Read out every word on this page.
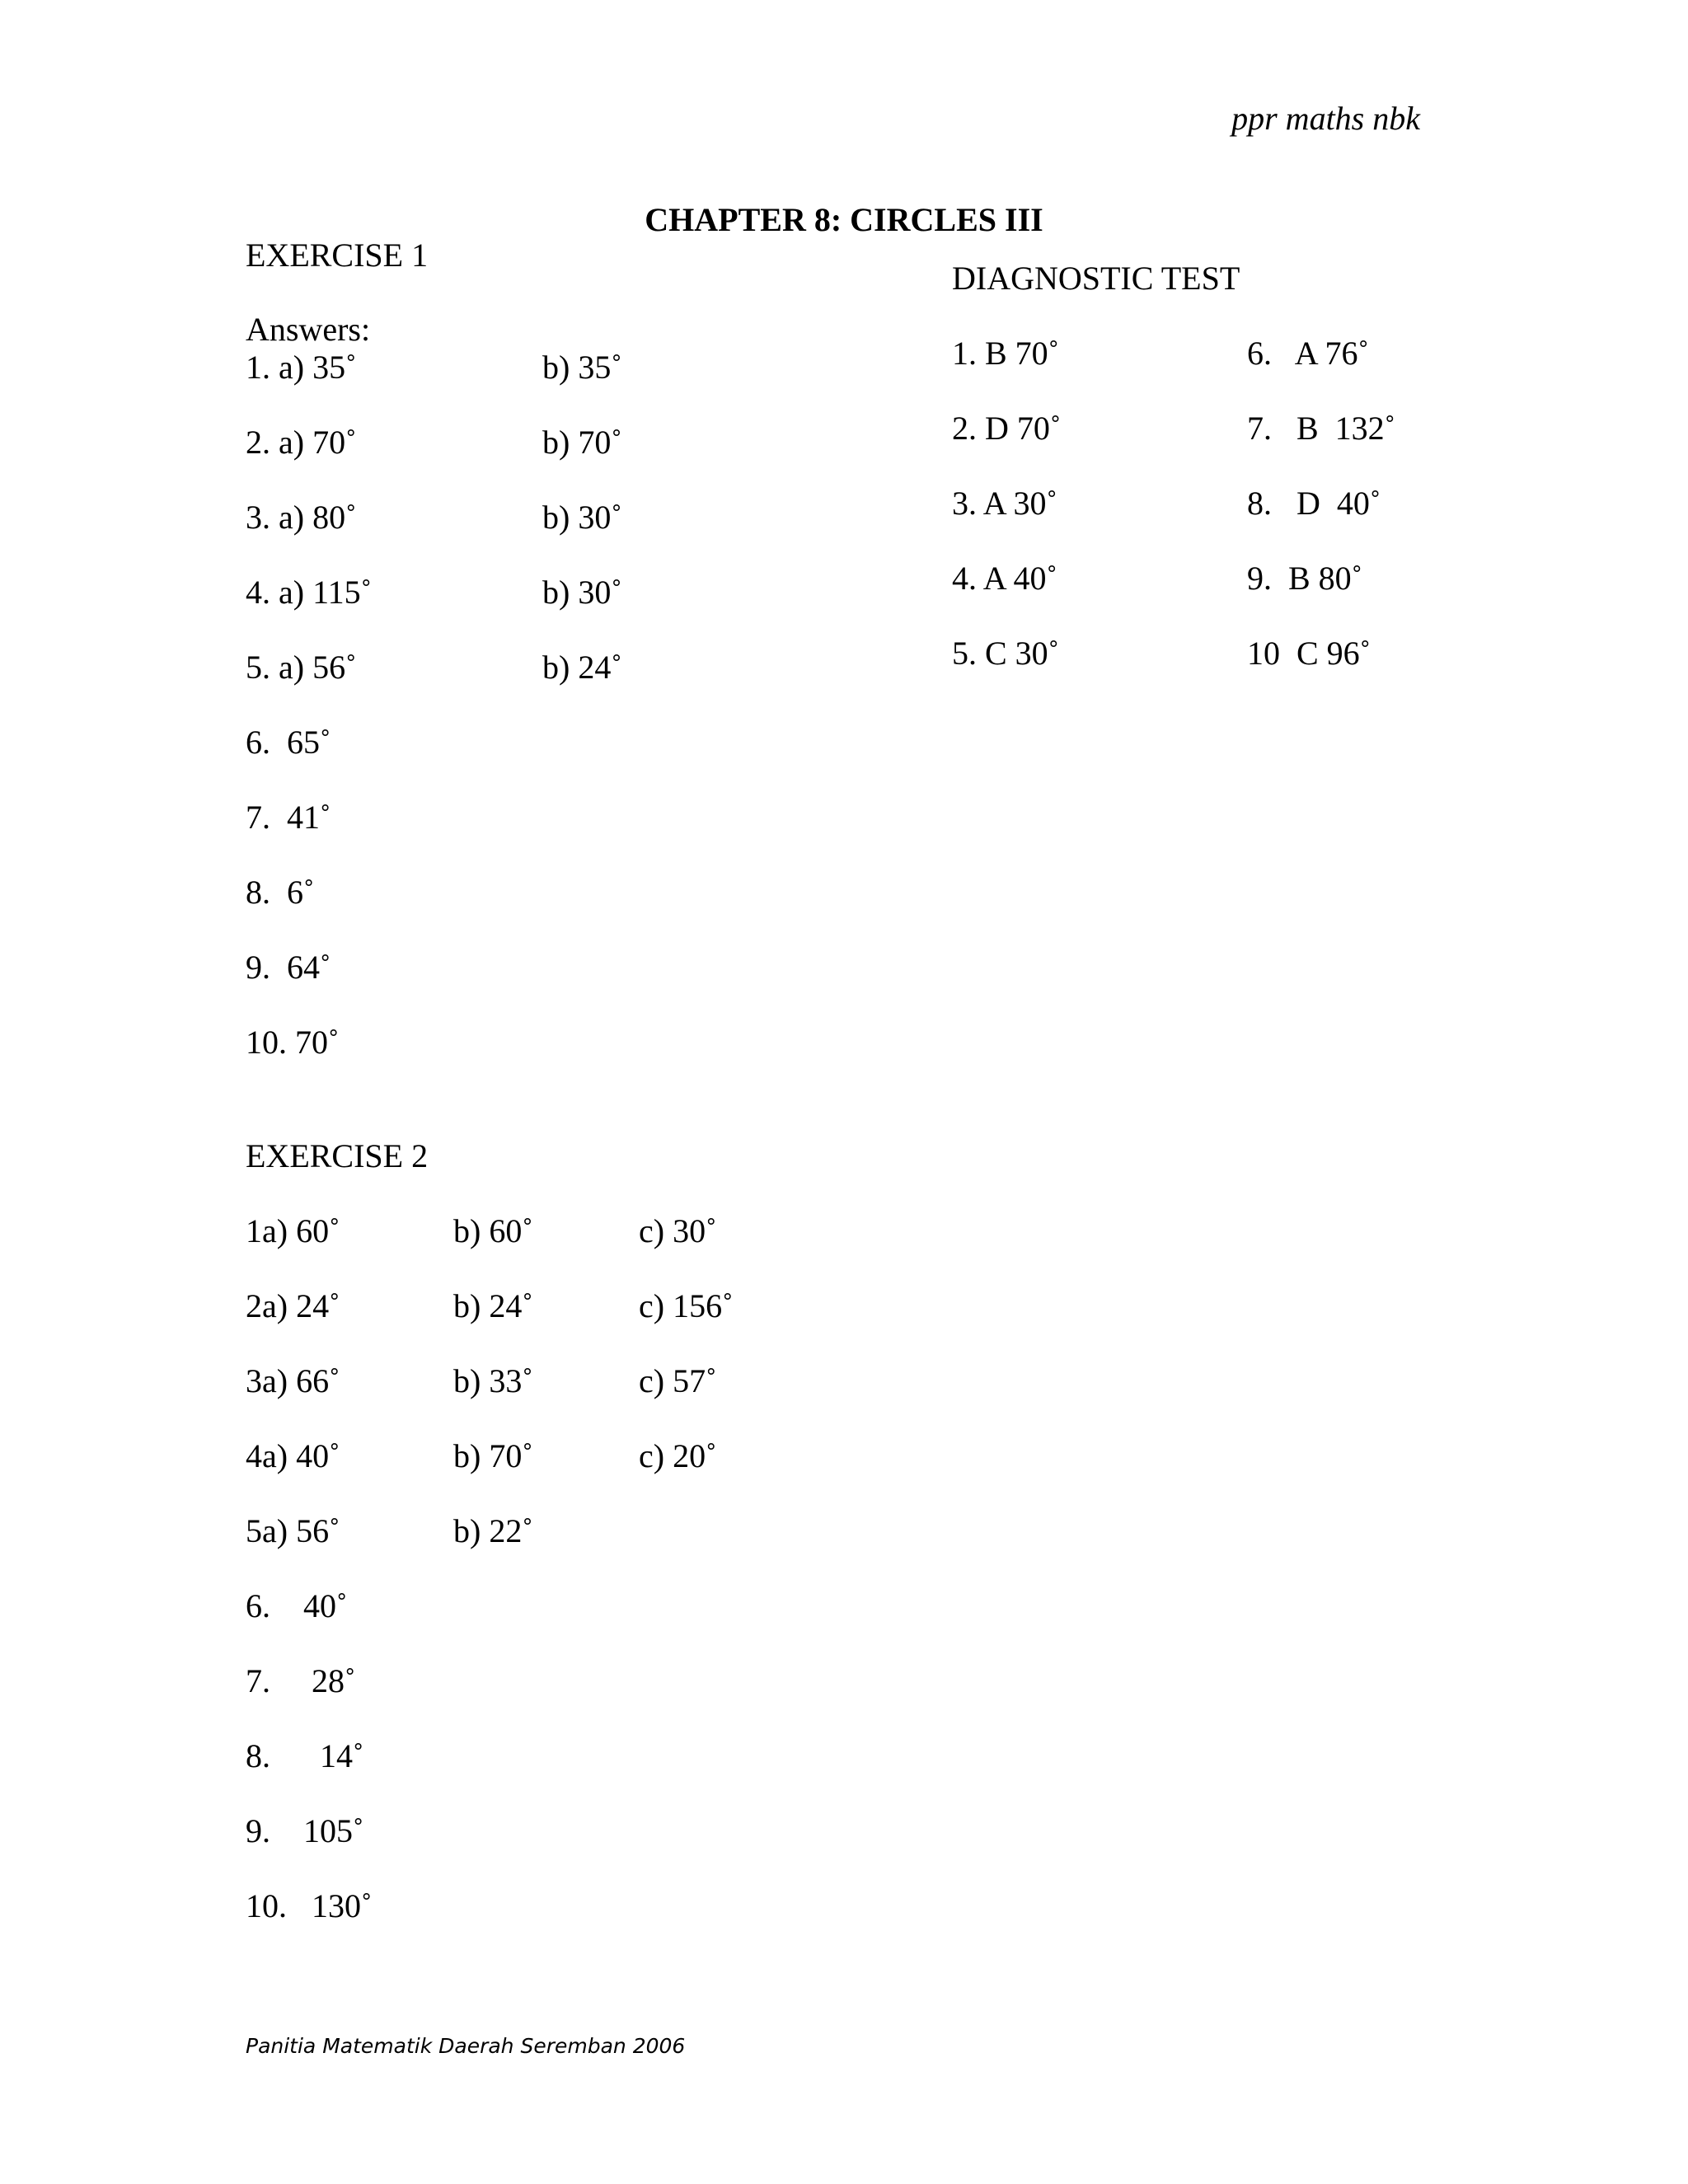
ppr maths nbk
CHAPTER 8: CIRCLES III
EXERCISE 1
Answers:
1. a) 35˚	b) 35˚
2. a) 70˚	b) 70˚
3. a) 80˚	b) 30˚
4. a) 115˚	b) 30˚
5. a) 56˚	b) 24˚
6.  65˚
7.  41˚
8.  6˚
9.  64˚
10. 70˚
DIAGNOSTIC TEST
1. B 70˚	6.   A 76˚
2. D 70˚	7.   B  132˚
3. A 30˚	8.   D  40˚
4. A 40˚	9.  B 80˚
5. C 30˚	10  C 96˚
EXERCISE 2
1a) 60˚	b) 60˚	c) 30˚
2a) 24˚	b) 24˚	c) 156˚
3a) 66˚	b) 33˚	c) 57˚
4a) 40˚	b) 70˚	c) 20˚
5a) 56˚	b) 22˚
6.    40˚
7.     28˚
8.      14˚
9.    105˚
10.   130˚
Panitia Matematik Daerah Seremban 2006
